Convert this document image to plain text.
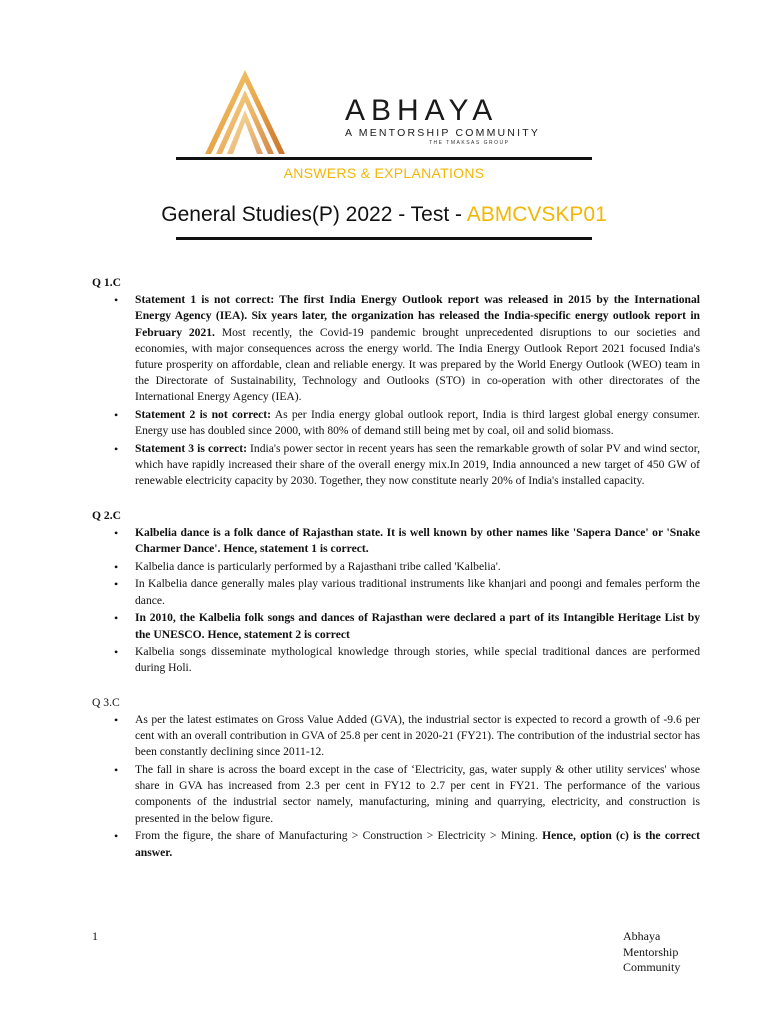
ABHAYA
A MENTORSHIP COMMUNITY
THE TMAKSAS GROUP
ANSWERS & EXPLANATIONS
General Studies(P) 2022 - Test - ABMCVSKP01
Q 1.C
• Statement 1 is not correct: The first India Energy Outlook report was released in 2015 by the International Energy Agency (IEA). Six years later, the organization has released the India-specific energy outlook report in February 2021. Most recently, the Covid-19 pandemic brought unprecedented disruptions to our societies and economies, with major consequences across the energy world. The India Energy Outlook Report 2021 focused India's future prosperity on affordable, clean and reliable energy. It was prepared by the World Energy Outlook (WEO) team in the Directorate of Sustainability, Technology and Outlooks (STO) in co-operation with other directorates of the International Energy Agency (IEA).
• Statement 2 is not correct: As per India energy global outlook report, India is third largest global energy consumer. Energy use has doubled since 2000, with 80% of demand still being met by coal, oil and solid biomass.
• Statement 3 is correct: India's power sector in recent years has seen the remarkable growth of solar PV and wind sector, which have rapidly increased their share of the overall energy mix.In 2019, India announced a new target of 450 GW of renewable electricity capacity by 2030. Together, they now constitute nearly 20% of India's installed capacity.
Q 2.C
• Kalbelia dance is a folk dance of Rajasthan state. It is well known by other names like 'Sapera Dance' or 'Snake Charmer Dance'. Hence, statement 1 is correct.
• Kalbelia dance is particularly performed by a Rajasthani tribe called 'Kalbelia'.
• In Kalbelia dance generally males play various traditional instruments like khanjari and poongi and females perform the dance.
• In 2010, the Kalbelia folk songs and dances of Rajasthan were declared a part of its Intangible Heritage List by the UNESCO. Hence, statement 2 is correct
• Kalbelia songs disseminate mythological knowledge through stories, while special traditional dances are performed during Holi.
Q 3.C
• As per the latest estimates on Gross Value Added (GVA), the industrial sector is expected to record a growth of -9.6 per cent with an overall contribution in GVA of 25.8 per cent in 2020-21 (FY21). The contribution of the industrial sector has been constantly declining since 2011-12.
• The fall in share is across the board except in the case of ‘Electricity, gas, water supply & other utility services' whose share in GVA has increased from 2.3 per cent in FY12 to 2.7 per cent in FY21. The performance of the various components of the industrial sector namely, manufacturing, mining and quarrying, electricity, and construction is presented in the below figure.
• From the figure, the share of Manufacturing > Construction > Electricity > Mining. Hence, option (c) is the correct answer.
1	Abhaya
Mentorship
Community
